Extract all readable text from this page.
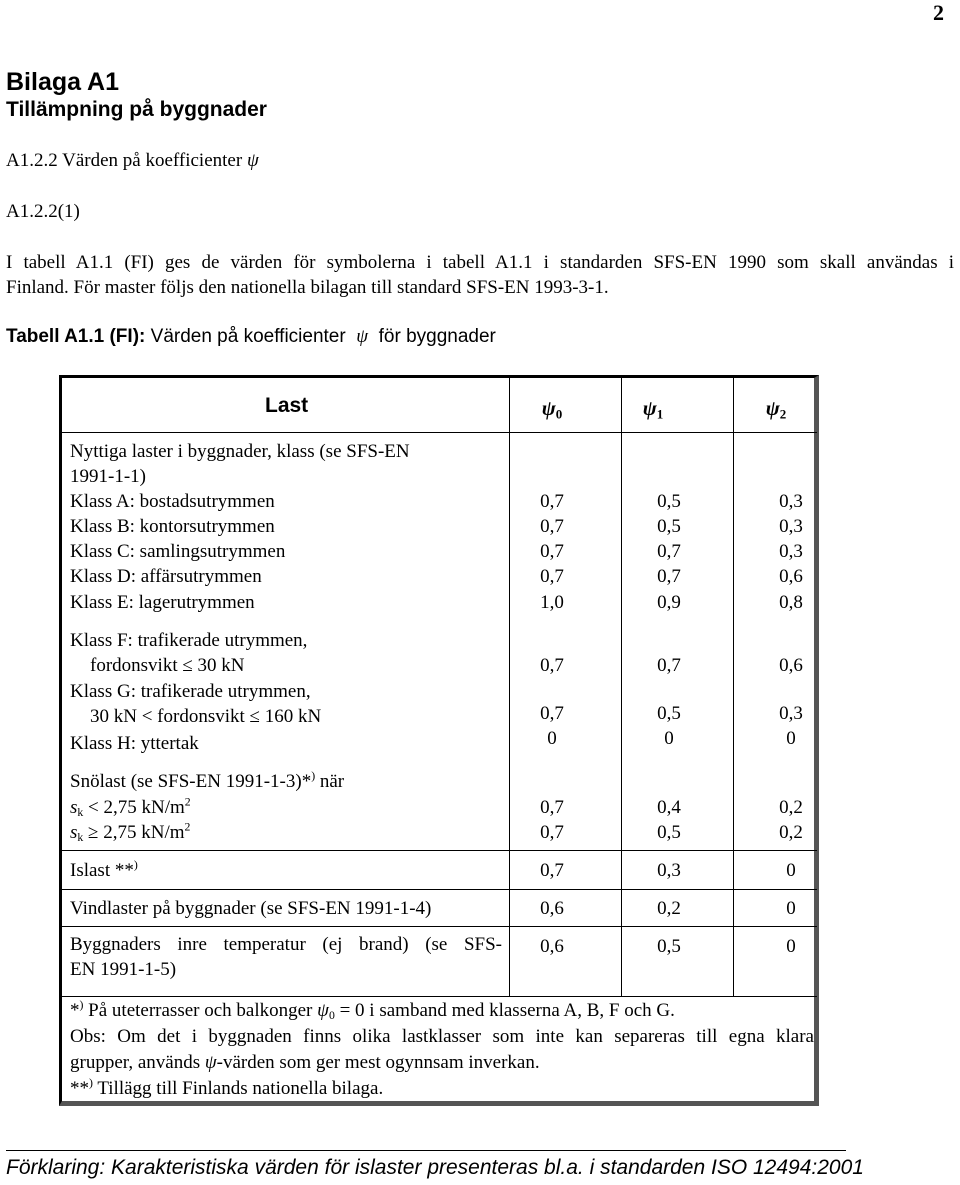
2
Bilaga A1
Tillämpning på byggnader
A1.2.2 Värden på koefficienter ψ
A1.2.2(1)
I tabell A1.1 (FI) ges de värden för symbolerna i tabell A1.1 i standarden SFS-EN 1990 som skall användas i
Finland. För master följs den nationella bilagan till standard SFS-EN 1993-3-1.
Tabell A1.1 (FI): Värden på koefficienter ψ för byggnader
Last	$\psi_0$	$\psi_1$	$\psi_2$
Nyttiga laster i byggnader, klass (se SFS-EN
1991-1-1)
Klass A: bostadsutrymmen	0,7	0,5	0,3
Klass B: kontorsutrymmen	0,7	0,5	0,3
Klass C: samlingsutrymmen	0,7	0,7	0,3
Klass D: affärsutrymmen	0,7	0,7	0,6
Klass E: lagerutrymmen	1,0	0,9	0,8
Klass F: trafikerade utrymmen,
fordonsvikt ≤ 30 kN	0,7	0,7	0,6
Klass G: trafikerade utrymmen,
30 kN < fordonsvikt ≤ 160 kN	0,7	0,5	0,3
Klass H: yttertak	0	0	0
Snölast (se SFS-EN 1991-1-3)*) när
$s_k < 2,75$ $kN/m^2$	0,7	0,4	0,2
$s_k \ge 2,75$ $kN/m^2$	0,7	0,5	0,2
Islast **)	0,7	0,3	0
Vindlaster på byggnader (se SFS-EN 1991-1-4)	0,6	0,2	0
Byggnaders inre temperatur (ej brand) (se SFS-
EN 1991-1-5)
0,6	0,5	0
*) På uteterrasser och balkonger $\psi_0 = 0$ i samband med klasserna A, B, F och G.
Obs: Om det i byggnaden finns olika lastklasser som inte kan separeras till egna klara
grupper, används ψ-värden som ger mest ogynnsam inverkan.
**) Tillägg till Finlands nationella bilaga.
Förklaring: Karakteristiska värden för islaster presenteras bl.a. i standarden ISO 12494:2001
